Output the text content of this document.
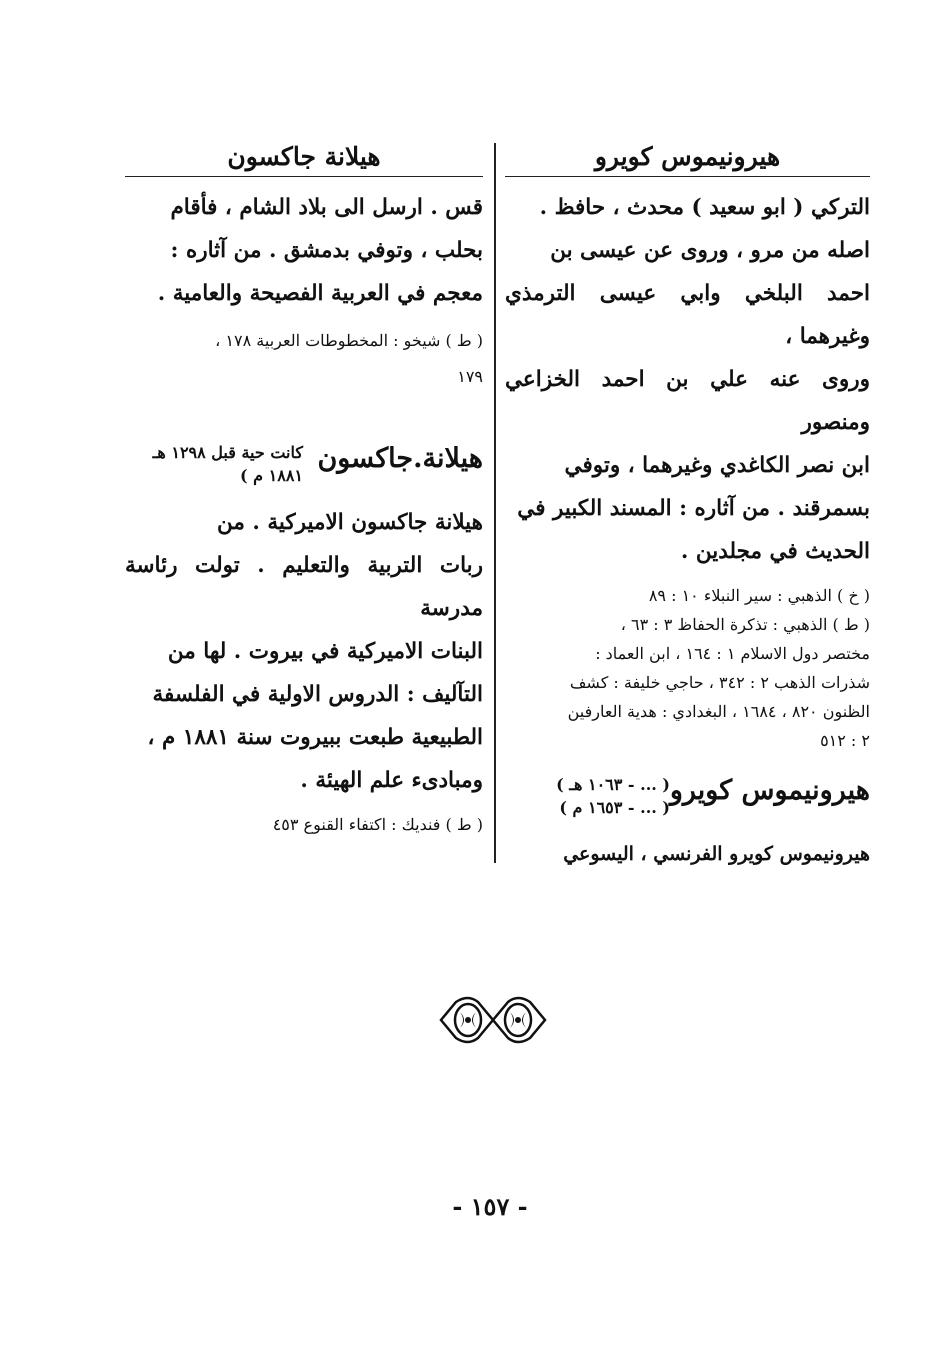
هيرونيموس كويرو

التركي ( ابو سعيد ) محدث ، حافظ .

اصله من مرو ، وروى عن عيسى بن

احمد البلخي وابي عيسى الترمذي وغيرهما ،

وروى عنه علي بن احمد الخزاعي ومنصور

ابن نصر الكاغدي وغيرهما ، وتوفي

بسمرقند . من آثاره : المسند الكبير في

الحديث في مجلدين .

( خ ) الذهبي : سير النبلاء ١٠ : ٨٩

( ط ) الذهبي : تذكرة الحفاظ ٣ : ٦٣ ،

مختصر دول الاسلام ١ : ١٦٤ ، ابن العماد :

شذرات الذهب ٢ : ٣٤٢ ، حاجي خليفة : كشف

الظنون ٨٢٠ ، ١٦٨٤ ، البغدادي : هدية العارفين

٢ : ٥١٢

هيرونيموس كويرو
( ... - ١٠٦٣ هـ )
( ... - ١٦٥٣ م )

هيرونيموس كويرو الفرنسي ، اليسوعي

هيلانة جاكسون

قس . ارسل الى بلاد الشام ، فأقام

بحلب ، وتوفي بدمشق . من آثاره :

معجم في العربية الفصيحة والعامية .

( ط ) شيخو : المخطوطات العربية ١٧٨ ،

١٧٩

هيلانة.جاكسون
كانت حية قبل ١٢٩٨ هـ
١٨٨١ م )

هيلانة جاكسون الاميركية . من

ربات التربية والتعليم . تولت رئاسة مدرسة

البنات الاميركية في بيروت . لها من

التآليف : الدروس الاولية في الفلسفة

الطبيعية طبعت ببيروت سنة ١٨٨١ م ،

ومبادىء علم الهيئة .

( ط ) فنديك : اكتفاء القنوع ٤٥٣

- ١٥٧ -
